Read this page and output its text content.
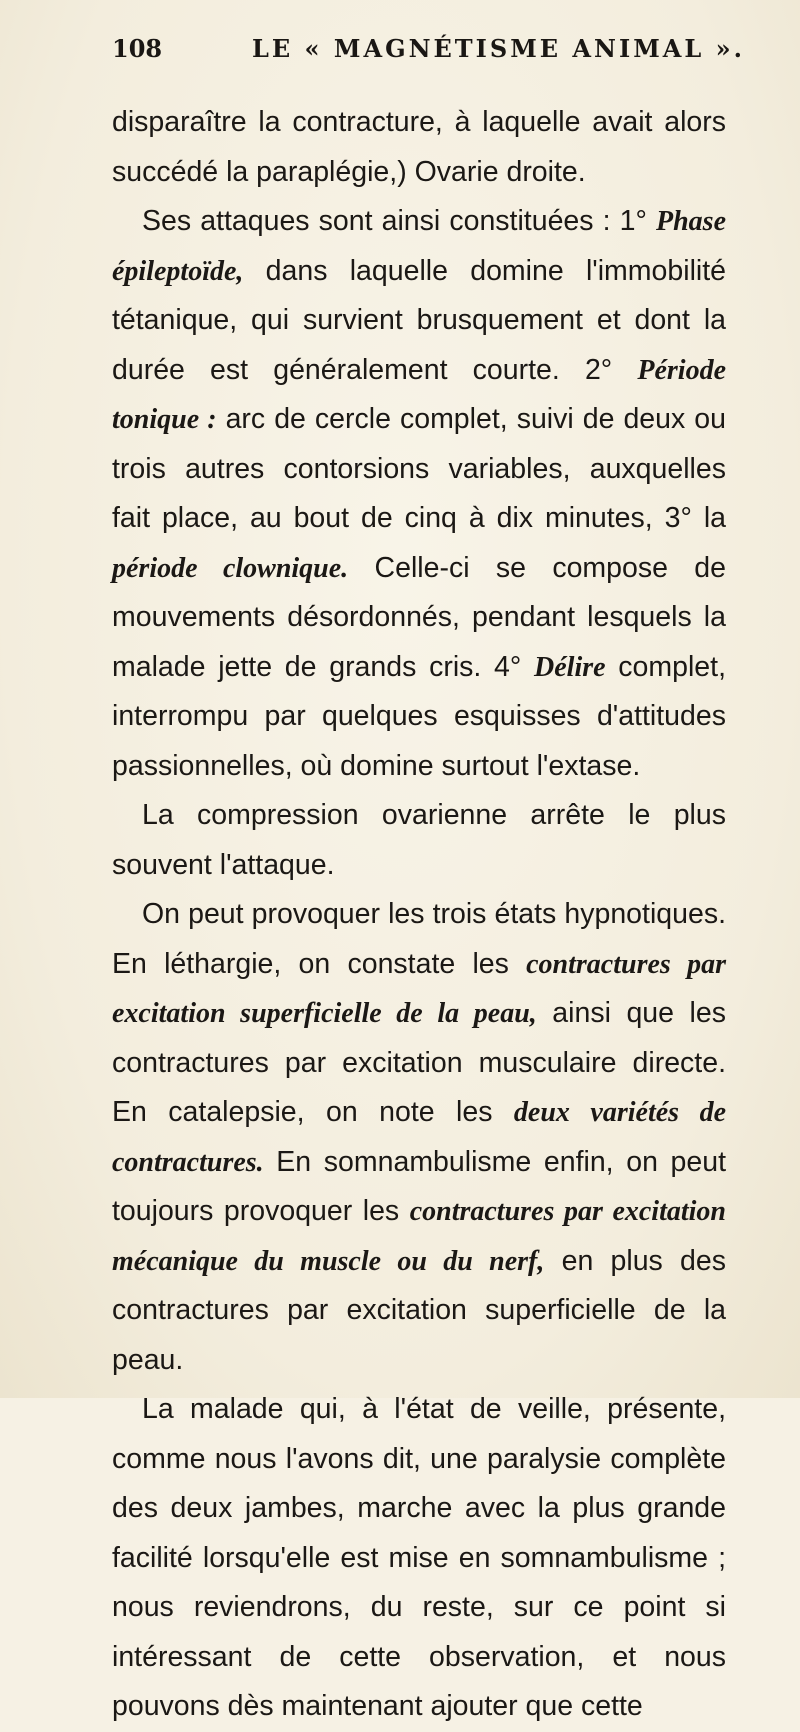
108	LE « MAGNÉTISME ANIMAL ».

disparaître la contracture, à laquelle avait alors succédé la paraplégie,) Ovarie droite.

Ses attaques sont ainsi constituées : 1° Phase épileptoïde, dans laquelle domine l'immobilité tétanique, qui survient brusquement et dont la durée est généralement courte. 2° Période tonique : arc de cercle complet, suivi de deux ou trois autres contorsions variables, auxquelles fait place, au bout de cinq à dix minutes, 3° la période clownique. Celle-ci se compose de mouvements désordonnés, pendant lesquels la malade jette de grands cris. 4° Délire complet, interrompu par quelques esquisses d'attitudes passionnelles, où domine surtout l'extase.

La compression ovarienne arrête le plus souvent l'attaque.

On peut provoquer les trois états hypnotiques. En léthargie, on constate les contractures par excitation superficielle de la peau, ainsi que les contractures par excitation musculaire directe. En catalepsie, on note les deux variétés de contractures. En somnambulisme enfin, on peut toujours provoquer les contractures par excitation mécanique du muscle ou du nerf, en plus des contractures par excitation superficielle de la peau.

La malade qui, à l'état de veille, présente, comme nous l'avons dit, une paralysie complète des deux jambes, marche avec la plus grande facilité lorsqu'elle est mise en somnambulisme ; nous reviendrons, du reste, sur ce point si intéressant de cette observation, et nous pouvons dès maintenant ajouter que cette
